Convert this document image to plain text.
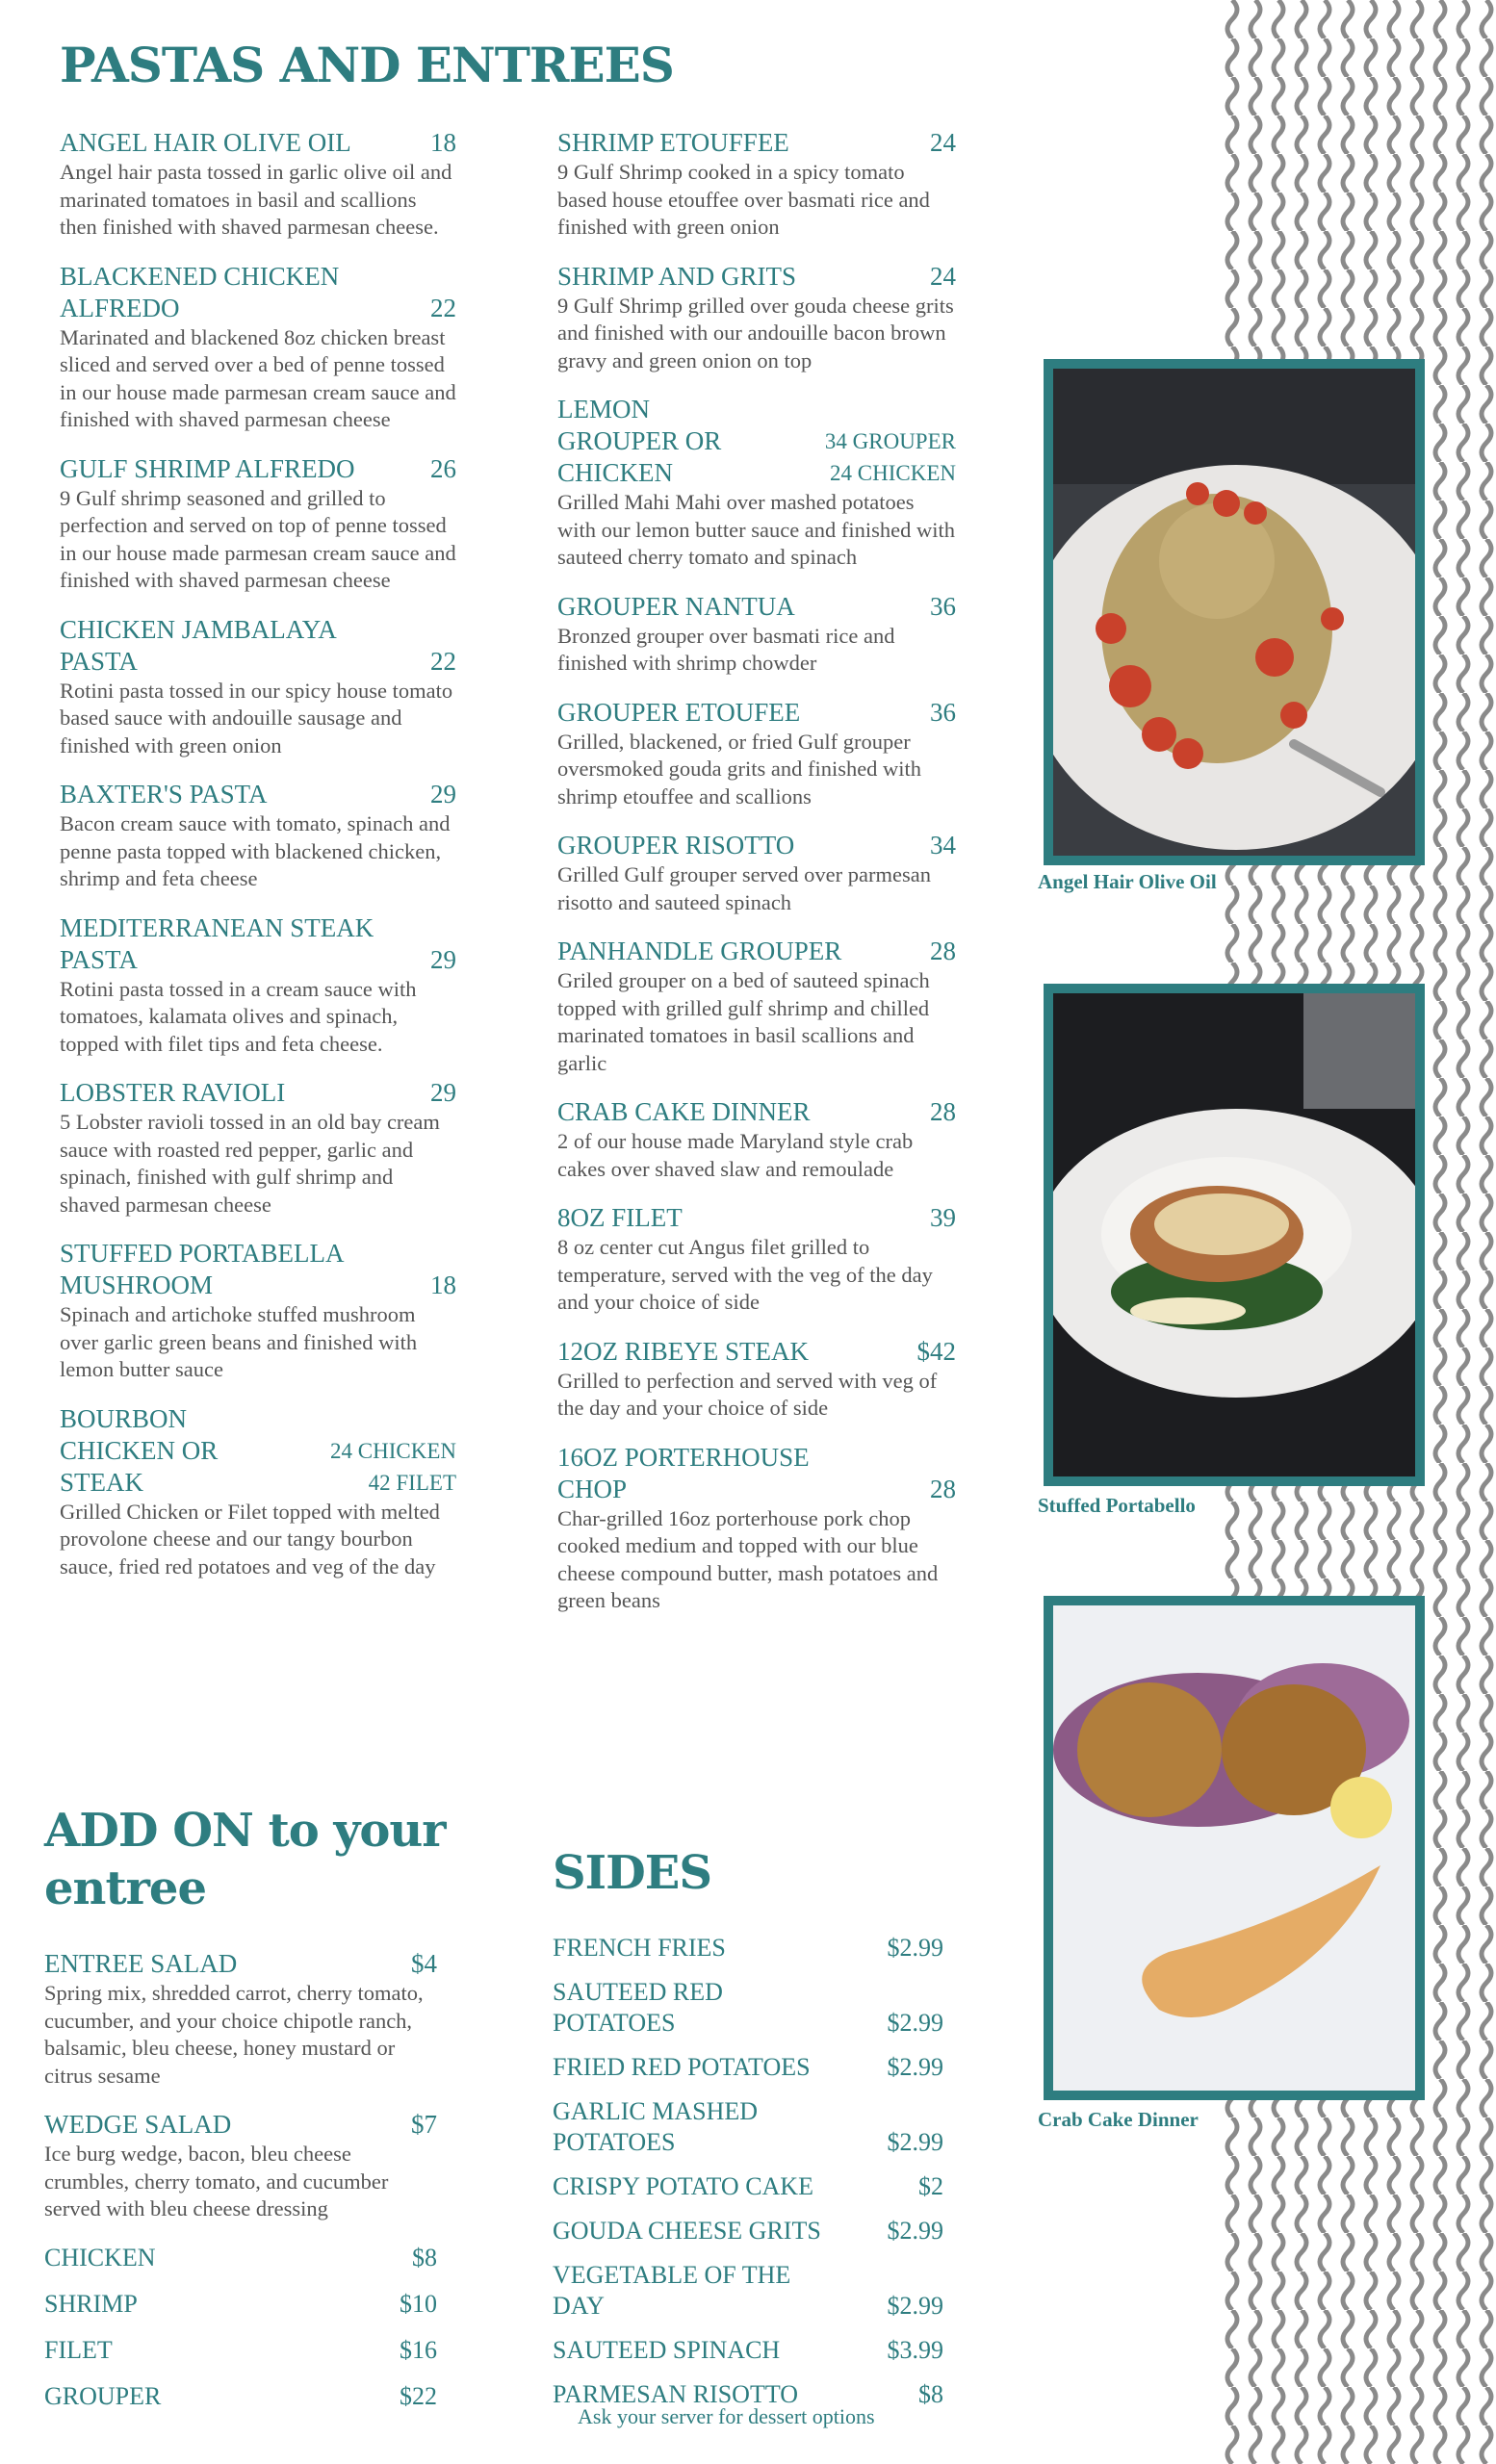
PASTAS AND ENTREES
ANGEL HAIR OLIVE OIL	18
Angel hair pasta tossed in garlic olive oil and marinated tomatoes in basil and scallions then finished with shaved parmesan cheese.
BLACKENED CHICKEN ALFREDO	22
Marinated and blackened 8oz chicken breast sliced and served over a bed of penne tossed in our house made parmesan cream sauce and finished with shaved parmesan cheese
GULF SHRIMP ALFREDO	26
9 Gulf shrimp seasoned and grilled to perfection and served on top of penne tossed in our house made parmesan cream sauce and finished with shaved parmesan cheese
CHICKEN JAMBALAYA PASTA	22
Rotini pasta tossed in our spicy house tomato based sauce with andouille sausage and finished with green onion
BAXTER'S PASTA	29
Bacon cream sauce with tomato, spinach and penne pasta topped with blackened chicken, shrimp and feta cheese
MEDITERRANEAN STEAK PASTA	29
Rotini pasta tossed in a cream sauce with tomatoes, kalamata olives and spinach, topped with filet tips and feta cheese.
LOBSTER RAVIOLI	29
5 Lobster ravioli tossed in an old bay cream sauce with roasted red pepper, garlic and spinach, finished with gulf shrimp and shaved parmesan cheese
STUFFED PORTABELLA MUSHROOM	18
Spinach and artichoke stuffed mushroom over garlic green beans and finished with lemon butter sauce
BOURBON CHICKEN OR STEAK
24 CHICKEN
42 FILET
Grilled Chicken or Filet topped with melted provolone cheese and our tangy bourbon sauce, fried red potatoes and veg of the day
SHRIMP ETOUFFEE	24
9 Gulf Shrimp cooked in a spicy tomato based house etouffee over basmati rice and finished with green onion
SHRIMP AND GRITS	24
9 Gulf Shrimp grilled over gouda cheese grits and finished with our andouille bacon brown gravy and green onion on top
LEMON GROUPER OR CHICKEN
34 GROUPER
24 CHICKEN
Grilled Mahi Mahi over mashed potatoes with our lemon butter sauce and finished with sauteed cherry tomato and spinach
GROUPER NANTUA	36
Bronzed grouper over basmati rice and finished with shrimp chowder
GROUPER ETOUFEE	36
Grilled, blackened, or fried Gulf grouper oversmoked gouda grits and finished with shrimp etouffee and scallions
GROUPER RISOTTO	34
Grilled Gulf grouper served over parmesan risotto and sauteed spinach
PANHANDLE GROUPER	28
Griled grouper on a bed of sauteed spinach topped with grilled gulf shrimp and chilled marinated tomatoes in basil scallions and garlic
CRAB CAKE DINNER	28
2 of our house made Maryland style crab cakes over shaved slaw and remoulade
8OZ FILET	39
8 oz center cut Angus filet grilled to temperature, served with the veg of the day and your choice of side
12OZ RIBEYE STEAK	$42
Grilled to perfection and served with veg of the day and your choice of side
16OZ PORTERHOUSE CHOP	28
Char-grilled 16oz porterhouse pork chop cooked medium and topped with our blue cheese compound butter, mash potatoes and green beans
ADD ON to your entree
ENTREE SALAD	$4
Spring mix, shredded carrot, cherry tomato, cucumber, and your choice chipotle ranch, balsamic, bleu cheese, honey mustard or citrus sesame
WEDGE SALAD	$7
Ice burg wedge, bacon, bleu cheese crumbles, cherry tomato, and cucumber served with bleu cheese dressing
CHICKEN	$8
SHRIMP	$10
FILET	$16
GROUPER	$22
SIDES
FRENCH FRIES	$2.99
SAUTEED RED POTATOES	$2.99
FRIED RED POTATOES	$2.99
GARLIC MASHED POTATOES	$2.99
CRISPY POTATO CAKE	$2
GOUDA CHEESE GRITS	$2.99
VEGETABLE OF THE DAY	$2.99
SAUTEED SPINACH	$3.99
PARMESAN RISOTTO	$8
Angel Hair Olive Oil
Stuffed Portabello
Crab Cake Dinner
Ask your server for dessert options
